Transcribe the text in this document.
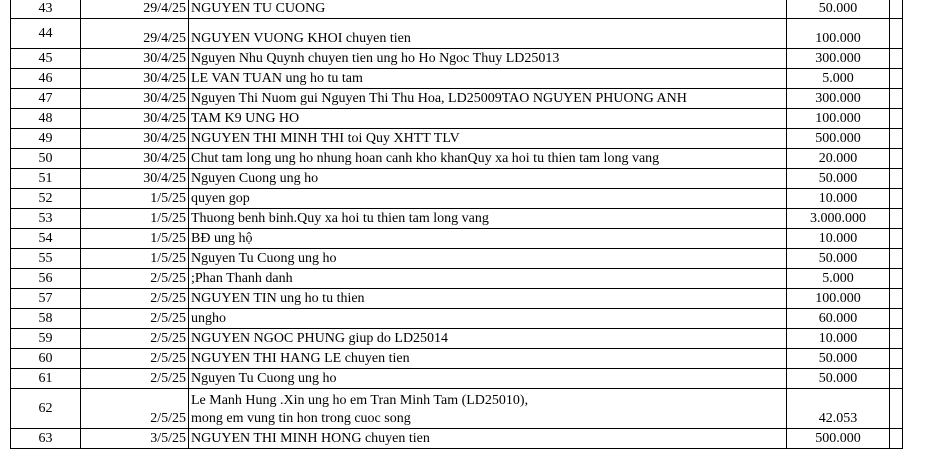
43	29/4/25	NGUYEN TU CUONG	50.000	
44	29/4/25	NGUYEN VUONG KHOI chuyen tien	100.000	
45	30/4/25	Nguyen Nhu Quynh chuyen tien ung ho Ho Ngoc Thuy LD25013	300.000	
46	30/4/25	LE VAN TUAN ung ho tu tam	5.000	
47	30/4/25	Nguyen Thi Nuom gui Nguyen Thi Thu Hoa, LD25009TAO NGUYEN PHUONG ANH	300.000	
48	30/4/25	TAM K9 UNG HO	100.000	
49	30/4/25	NGUYEN THI MINH THI toi Quy XHTT TLV	500.000	
50	30/4/25	Chut tam long ung ho nhung hoan canh kho khanQuy xa hoi tu thien tam long vang	20.000	
51	30/4/25	Nguyen Cuong ung ho	50.000	
52	1/5/25	quyen gop	10.000	
53	1/5/25	Thuong benh binh.Quy xa hoi tu thien tam long vang	3.000.000	
54	1/5/25	BĐ ung hộ	10.000	
55	1/5/25	Nguyen Tu Cuong ung ho	50.000	
56	2/5/25	;Phan Thanh danh	5.000	
57	2/5/25	NGUYEN TIN ung ho tu thien	100.000	
58	2/5/25	ungho	60.000	
59	2/5/25	NGUYEN NGOC PHUNG giup do LD25014	10.000	
60	2/5/25	NGUYEN THI HANG LE chuyen tien	50.000	
61	2/5/25	Nguyen Tu Cuong ung ho	50.000	
62	2/5/25	Le Manh Hung .Xin ung ho em Tran Minh Tam (LD25010),
mong em vung tin hon trong cuoc song	42.053	
63	3/5/25	NGUYEN THI MINH HONG chuyen tien	500.000	
